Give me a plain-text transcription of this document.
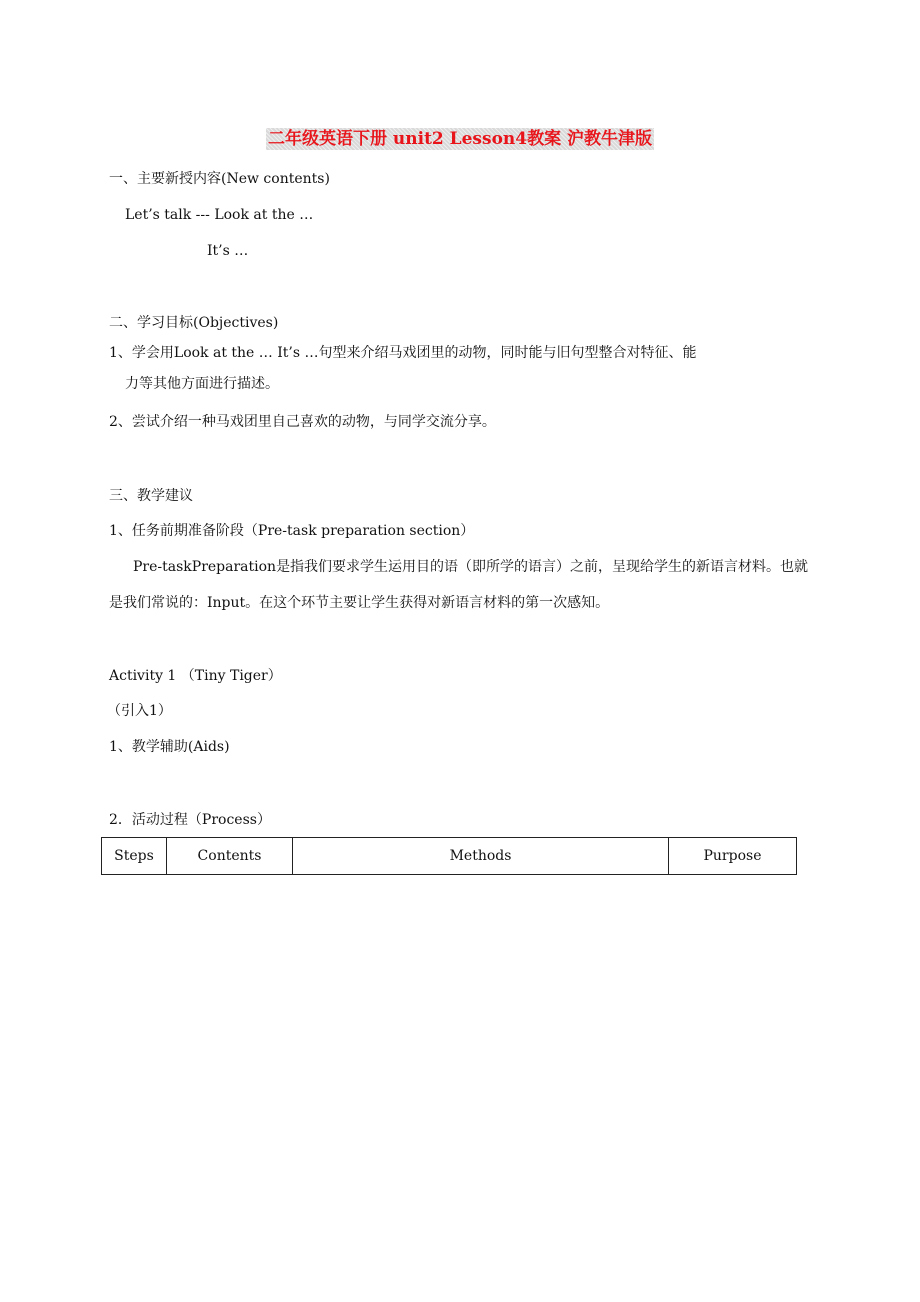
二年级英语下册 unit2 Lesson4教案 沪教牛津版
一、主要新授内容(New contents)
Let’s talk --- Look at the …
It’s …
二、学习目标(Objectives)
1、学会用Look at the … It’s …句型来介绍马戏团里的动物，同时能与旧句型整合对特征、能
力等其他方面进行描述。
2、尝试介绍一种马戏团里自己喜欢的动物，与同学交流分享。
三、教学建议
1、任务前期准备阶段（Pre-task preparation section）
Pre-taskPreparation是指我们要求学生运用目的语（即所学的语言）之前，呈现给学生的新语言材料。也就是我们常说的：Input。在这个环节主要让学生获得对新语言材料的第一次感知。
Activity 1 （Tiny Tiger）
（引入1）
1、教学辅助(Aids)
2．活动过程（Process）
Steps	Contents	Methods	Purpose
